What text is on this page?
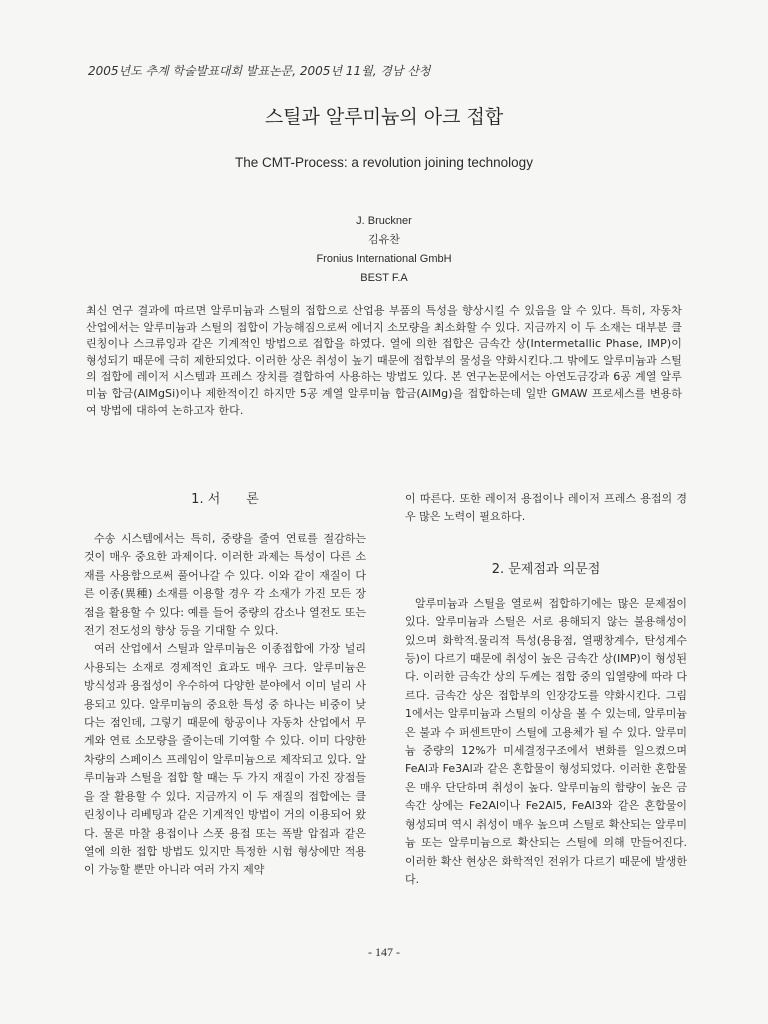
2005년도 추계 학술발표대회 발표논문, 2005년 11월, 경남 산청
스틸과 알루미늄의 아크 접합
The CMT-Process: a revolution joining technology
J. Bruckner
김유찬
Fronius International GmbH
BEST F.A

최신 연구 결과에 따르면 알루미늄과 스틸의 접합으로 산업용 부품의 특성을 향상시킬 수 있음을 알 수 있다. 특히, 자동차 산업에서는 알루미늄과 스틸의 접합이 가능해짐으로써 에너지 소모량을 최소화할 수 있다. 지금까지 이 두 소재는 대부분 클린칭이나 스크류잉과 같은 기계적인 방법으로 접합을 하였다. 열에 의한 접합은 금속간 상(Intermetallic Phase, IMP)이 형성되기 때문에 극히 제한되었다. 이러한 상은 취성이 높기 때문에 접합부의 물성을 약화시킨다.그 밖에도 알루미늄과 스틸의 접합에 레이저 시스템과 프레스 장치를 결합하여 사용하는 방법도 있다. 본 연구논문에서는 아연도금강과 6공 계열 알루미늄 합금(AlMgSi)이나 제한적이긴 하지만 5공 계열 알루미늄 합금(AlMg)을 접합하는데 일반 GMAW 프로세스를 변용하여 방법에 대하여 논하고자 한다.

1. 서　　론

수송 시스템에서는 특히, 중량을 줄여 연료를 절감하는 것이 매우 중요한 과제이다. 이러한 과제는 특성이 다른 소재를 사용함으로써 풀어나갈 수 있다. 이와 같이 재질이 다른 이종(異種) 소재를 이용할 경우 각 소재가 가진 모든 장점을 활용할 수 있다: 예를 들어 중량의 감소나 열전도 또는 전기 전도성의 향상 등을 기대할 수 있다.

여러 산업에서 스틸과 알루미늄은 이종접합에 가장 널리 사용되는 소재로 경제적인 효과도 매우 크다. 알루미늄은 방식성과 용접성이 우수하여 다양한 분야에서 이미 널리 사용되고 있다. 알루미늄의 중요한 특성 중 하나는 비중이 낮다는 점인데, 그렇기 때문에 항공이나 자동차 산업에서 무게와 연료 소모량을 줄이는데 기여할 수 있다. 이미 다양한 차량의 스페이스 프레임이 알루미늄으로 제작되고 있다. 알루미늄과 스틸을 접합 할 때는 두 가지 재질이 가진 장점들을 잘 활용할 수 있다. 지금까지 이 두 재질의 접합에는 클린칭이나 리베팅과 같은 기계적인 방법이 거의 이용되어 왔다. 물론 마찰 용접이나 스폿 용접 또는 폭발 압접과 같은 열에 의한 접합 방법도 있지만 특정한 시험 형상에만 적용이 가능할 뿐만 아니라 여러 가지 제약

이 따른다. 또한 레이저 용접이나 레이저 프레스 용접의 경우 많은 노력이 필요하다.

2. 문제점과 의문점

알루미늄과 스틸을 열로써 접합하기에는 많은 문제점이 있다. 알루미늄과 스틸은 서로 용해되지 않는 불용해성이 있으며 화학적.물리적 특성(용융점, 열팽창계수, 탄성계수 등)이 다르기 때문에 취성이 높은 금속간 상(IMP)이 형성된다. 이러한 금속간 상의 두께는 접합 중의 입열량에 따라 다르다. 금속간 상은 접합부의 인장강도를 약화시킨다. 그림 1에서는 알루미늄과 스틸의 이상을 볼 수 있는데, 알루미늄은 불과 수 퍼센트만이 스틸에 고용체가 될 수 있다. 알루미늄 중량의 12%가 미세결정구조에서 변화를 일으켰으며 FeAl과 Fe3Al과 같은 혼합물이 형성되었다. 이러한 혼합물은 매우 단단하며 취성이 높다. 알루미늄의 함량이 높은 금속간 상에는 Fe2Al이나 Fe2Al5, FeAl3와 같은 혼합물이 형성되며 역시 취성이 매우 높으며 스틸로 확산되는 알루미늄 또는 알루미늄으로 확산되는 스틸에 의해 만들어진다. 이러한 확산 현상은 화학적인 전위가 다르기 때문에 발생한다.

- 147 -
